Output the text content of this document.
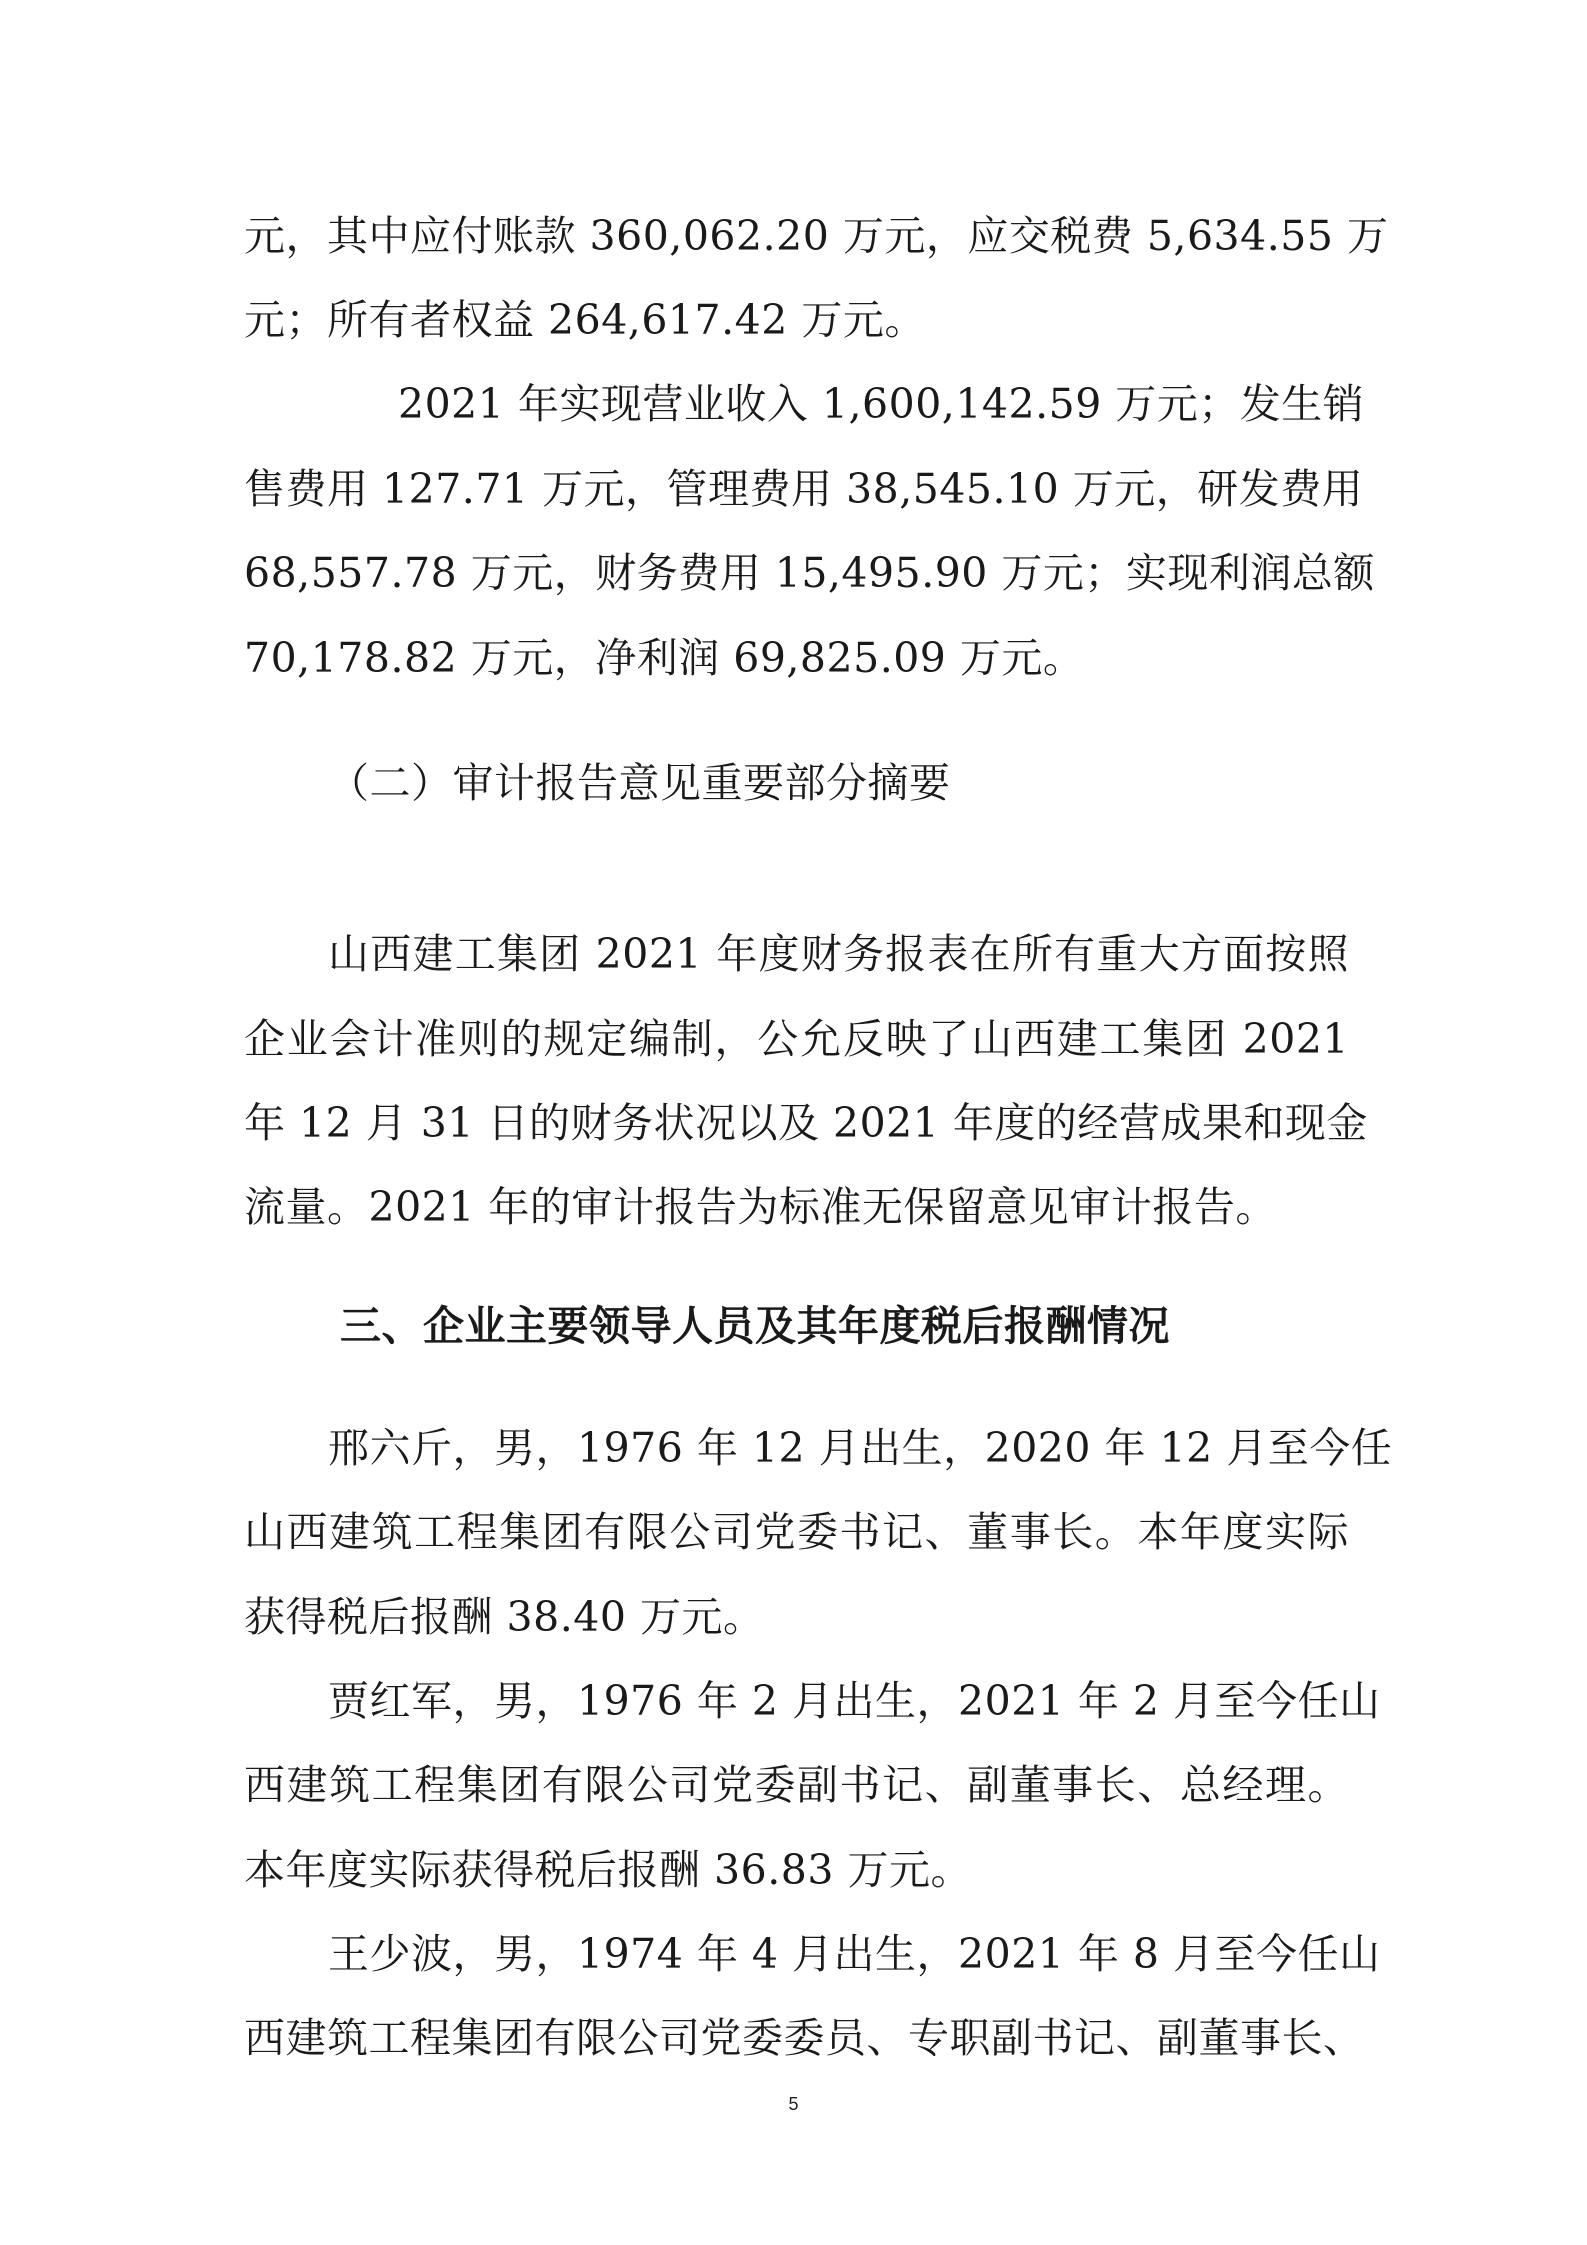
元，其中应付账款 360,062.20 万元，应交税费 5,634.55 万
元；所有者权益 264,617.42 万元。
2021 年实现营业收入 1,600,142.59 万元；发生销
售费用 127.71 万元，管理费用 38,545.10 万元，研发费用
68,557.78 万元，财务费用 15,495.90 万元；实现利润总额
70,178.82 万元，净利润 69,825.09 万元。
（二）审计报告意见重要部分摘要
山西建工集团 2021 年度财务报表在所有重大方面按照
企业会计准则的规定编制，公允反映了山西建工集团 2021
年 12 月 31 日的财务状况以及 2021 年度的经营成果和现金
流量。2021 年的审计报告为标准无保留意见审计报告。
三、企业主要领导人员及其年度税后报酬情况
邢六斤，男，1976 年 12 月出生，2020 年 12 月至今任
山西建筑工程集团有限公司党委书记、董事长。本年度实际
获得税后报酬 38.40 万元。
贾红军，男，1976 年 2 月出生，2021 年 2 月至今任山
西建筑工程集团有限公司党委副书记、副董事长、总经理。
本年度实际获得税后报酬 36.83 万元。
王少波，男，1974 年 4 月出生，2021 年 8 月至今任山
西建筑工程集团有限公司党委委员、专职副书记、副董事长、
5
